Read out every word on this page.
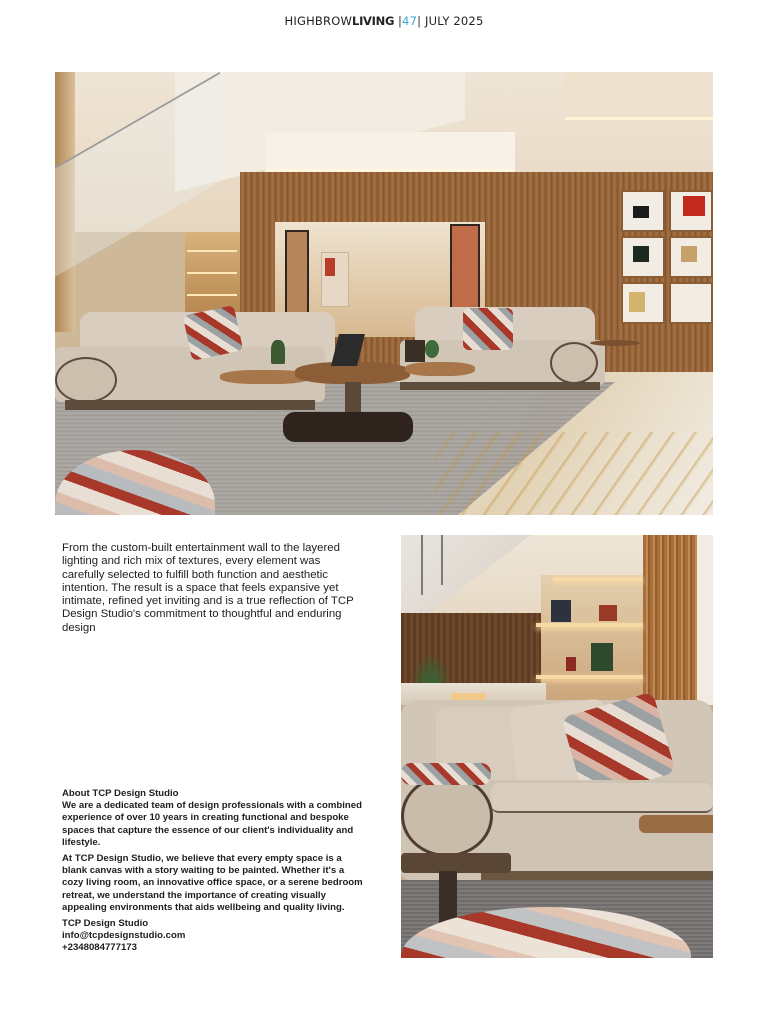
HIGHBROWLIVING |47| JULY 2025
From the custom-built entertainment wall to the layered lighting and rich mix of textures, every element was carefully selected to fulfill both function and aesthetic intention. The result is a space that feels expansive yet intimate, refined yet inviting and is a true reflection of TCP Design Studio's commitment to thoughtful and enduring design

About TCP Design Studio

We are a dedicated team of design professionals with a combined experience of over 10 years in creating functional and bespoke spaces that capture the essence of our client's individuality and lifestyle.

At TCP Design Studio, we believe that every empty space is a blank canvas with a story waiting to be painted. Whether it's a cozy living room, an innovative office space, or a serene bedroom retreat, we understand the importance of creating visually appealing environments that aids wellbeing and quality living.

TCP Design Studio
info@tcpdesignstudio.com
+2348084777173
